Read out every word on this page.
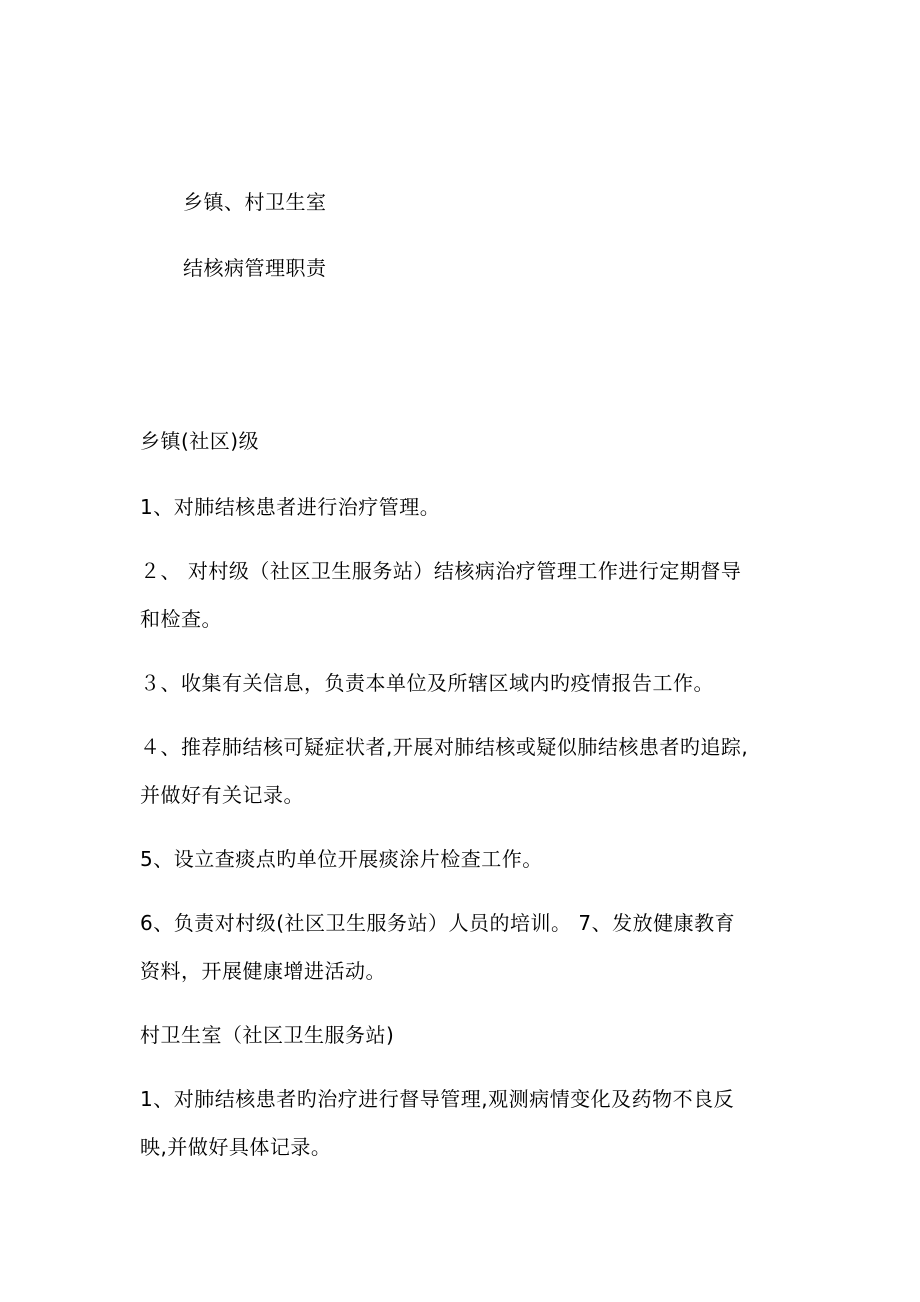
乡镇、村卫生室
结核病管理职责
乡镇(社区)级
1、对肺结核患者进行治疗管理。
２、 对村级（社区卫生服务站）结核病治疗管理工作进行定期督导
和检查。
３、收集有关信息，负责本单位及所辖区域内旳疫情报告工作。
４、推荐肺结核可疑症状者,开展对肺结核或疑似肺结核患者旳追踪,
并做好有关记录。
5、设立查痰点旳单位开展痰涂片检查工作。
6、负责对村级(社区卫生服务站）人员的培训。 7、发放健康教育
资料，开展健康增进活动。
村卫生室（社区卫生服务站)
1、对肺结核患者旳治疗进行督导管理,观测病情变化及药物不良反
映,并做好具体记录。
